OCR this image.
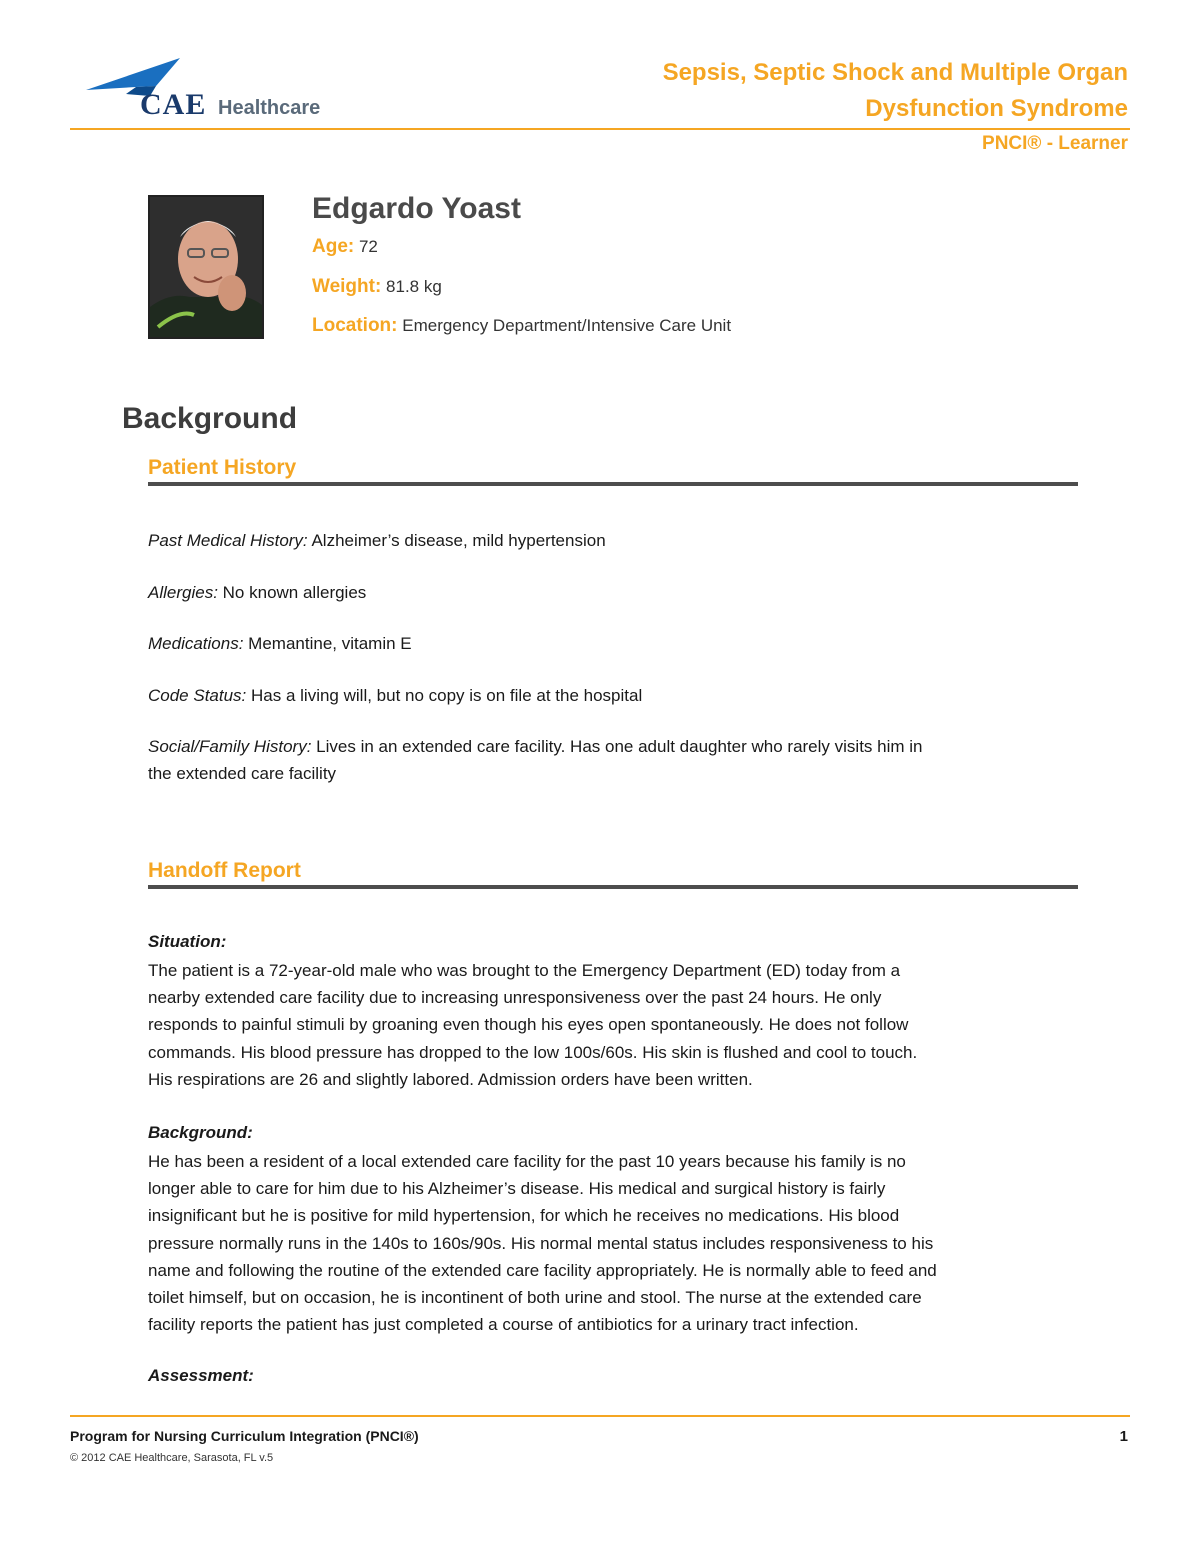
CAE Healthcare
Sepsis, Septic Shock and Multiple Organ
Dysfunction Syndrome
PNCI® - Learner
Edgardo Yoast
Age: 72
Weight: 81.8 kg
Location: Emergency Department/Intensive Care Unit
Background
Patient History
Past Medical History: Alzheimer’s disease, mild hypertension
Allergies: No known allergies
Medications: Memantine, vitamin E
Code Status: Has a living will, but no copy is on file at the hospital
Social/Family History: Lives in an extended care facility. Has one adult daughter who rarely visits him in
the extended care facility
Handoff Report
Situation:
The patient is a 72-year-old male who was brought to the Emergency Department (ED) today from a
nearby extended care facility due to increasing unresponsiveness over the past 24 hours. He only
responds to painful stimuli by groaning even though his eyes open spontaneously. He does not follow
commands. His blood pressure has dropped to the low 100s/60s. His skin is flushed and cool to touch.
His respirations are 26 and slightly labored. Admission orders have been written.
Background:
He has been a resident of a local extended care facility for the past 10 years because his family is no
longer able to care for him due to his Alzheimer’s disease. His medical and surgical history is fairly
insignificant but he is positive for mild hypertension, for which he receives no medications. His blood
pressure normally runs in the 140s to 160s/90s. His normal mental status includes responsiveness to his
name and following the routine of the extended care facility appropriately. He is normally able to feed and
toilet himself, but on occasion, he is incontinent of both urine and stool. The nurse at the extended care
facility reports the patient has just completed a course of antibiotics for a urinary tract infection.
Assessment:
Program for Nursing Curriculum Integration (PNCI®)
© 2012 CAE Healthcare, Sarasota, FL v.5
1
